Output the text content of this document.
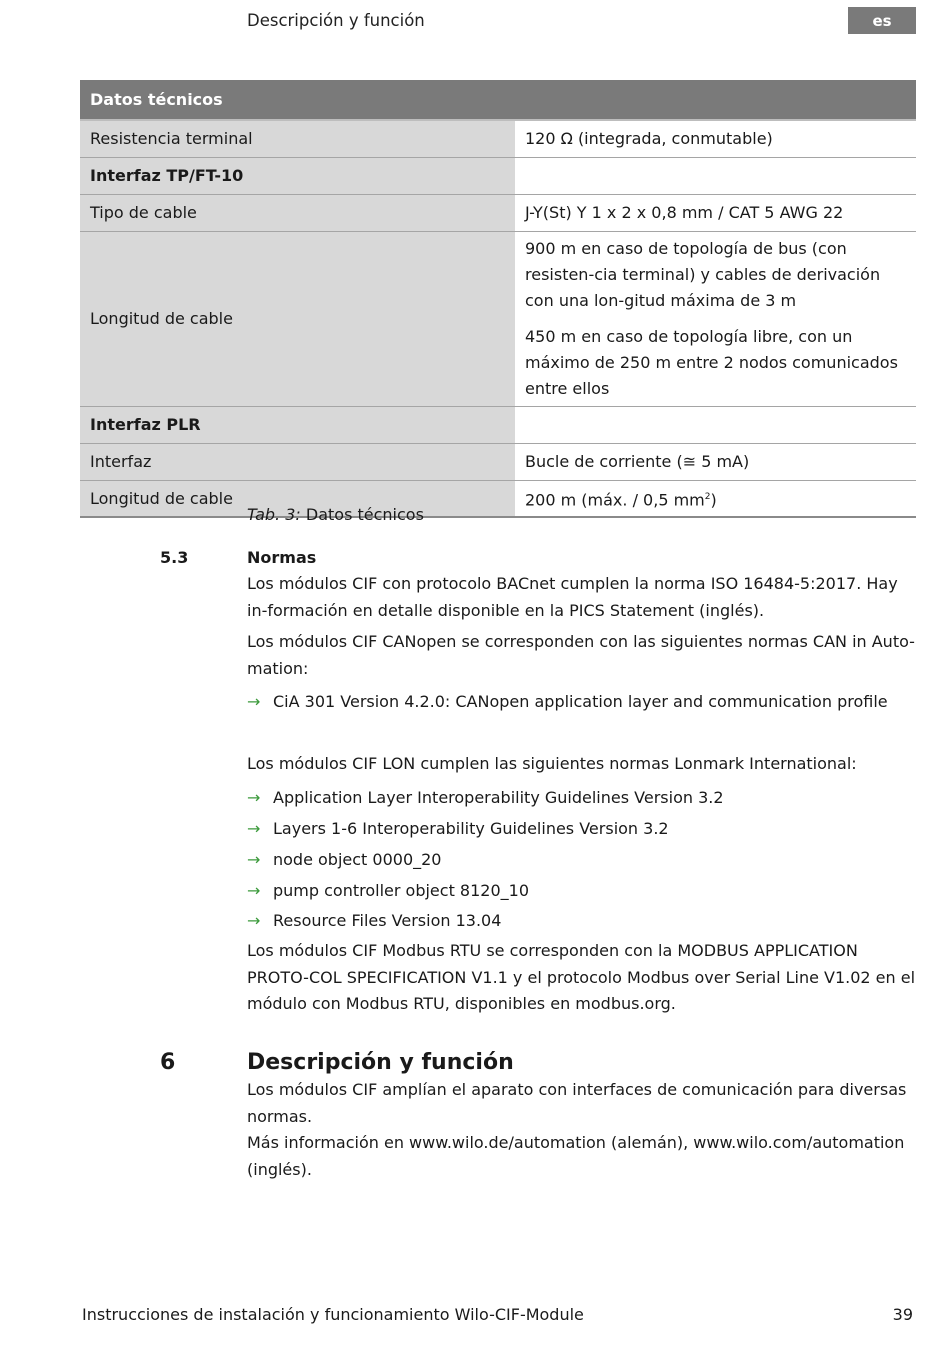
Descripción y función	es
Datos técnicos	
Resistencia terminal	120 Ω (integrada, conmutable)
Interfaz TP/FT-10	
Tipo de cable	J-Y(St) Y 1 x 2 x 0,8 mm / CAT 5 AWG 22
Longitud de cable	900 m en caso de topología de bus (con resisten-cia terminal) y cables de derivación con una lon-gitud máxima de 3 m

450 m en caso de topología libre, con un máximo de 250 m entre 2 nodos comunicados entre ellos

Interfaz PLR	
Interfaz	Bucle de corriente (≅ 5 mA)
Longitud de cable	200 m (máx. / 0,5 $mm^2$)
Tab. 3: Datos técnicos
5.3	Normas
Los módulos CIF con protocolo BACnet cumplen la norma ISO 16484-5:2017. Hay in-formación en detalle disponible en la PICS Statement (inglés).
Los módulos CIF CANopen se corresponden con las siguientes normas CAN in Auto-mation:
→ CiA 301 Version 4.2.0: CANopen application layer and communication profile
Los módulos CIF LON cumplen las siguientes normas Lonmark International:
→ Application Layer Interoperability Guidelines Version 3.2
→ Layers 1-6 Interoperability Guidelines Version 3.2
→ node object 0000_20
→ pump controller object 8120_10
→ Resource Files Version 13.04
Los módulos CIF Modbus RTU se corresponden con la MODBUS APPLICATION PROTO-COL SPECIFICATION V1.1 y el protocolo Modbus over Serial Line V1.02 en el módulo con Modbus RTU, disponibles en modbus.org.
6	Descripción y función
Los módulos CIF amplían el aparato con interfaces de comunicación para diversas normas.
Más información en www.wilo.de/automation (alemán), www.wilo.com/automation (inglés).
Instrucciones de instalación y funcionamiento Wilo-CIF-Module	39
